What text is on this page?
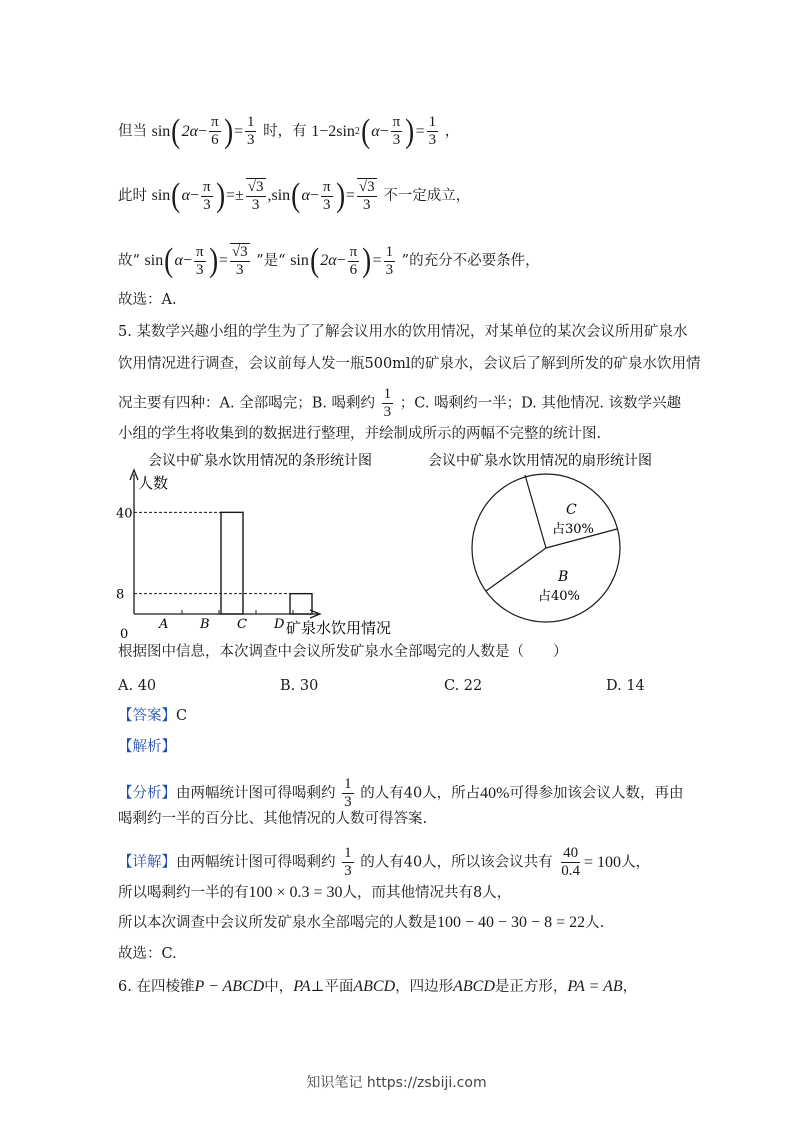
但当 sin ( $2\alpha - \frac{\pi}{6}$ ) = $\frac{1}{3}$ 时，有 1−2 sin 2 ( $\alpha - \frac{\pi}{3}$ ) = $\frac{1}{3}$ ，
此时 sin ( $\alpha - \frac{\pi}{3}$ ) = ± $\frac{√3}{3}$ , sin ( $\alpha - \frac{\pi}{3}$ ) = $\frac{√3}{3}$ 不一定成立，
故“ sin ( $\alpha - \frac{\pi}{3}$ ) = $\frac{√3}{3}$ ”是“ sin ( $2\alpha - \frac{\pi}{6}$ ) = $\frac{1}{3}$ ”的充分不必要条件，
故选：A.
5. 某数学兴趣小组的学生为了了解会议用水的饮用情况，对某单位的某次会议所用矿泉水
饮用情况进行调查，会议前每人发一瓶500ml的矿泉水，会议后了解到所发的矿泉水饮用情
况主要有四种：A. 全部喝完；B. 喝剩约 $\frac{1}{3}$ ；C. 喝剩约一半；D. 其他情况. 该数学兴趣
小组的学生将收集到的数据进行整理，并绘制成所示的两幅不完整的统计图.
会议中矿泉水饮用情况的条形统计图
人数
A B
40
C D
8
0	矿泉水饮用情况
会议中矿泉水饮用情况的扇形统计图
C
占30%
B
占40%
根据图中信息，本次调查中会议所发矿泉水全部喝完的人数是（　　）
A. 40	B. 30	C. 22	D. 14
【答案】C
【解析】
【分析】由两幅统计图可得喝剩约 $\frac{1}{3}$ 的人有40人，所占40%可得参加该会议人数，再由
喝剩约一半的百分比、其他情况的人数可得答案.
【详解】由两幅统计图可得喝剩约 $\frac{1}{3}$ 的人有40人，所以该会议共有 $\frac{40}{0.4} = 100$人，
所以喝剩约一半的有100 × 0.3 = 30人，而其他情况共有8人，
所以本次调查中会议所发矿泉水全部喝完的人数是100 − 40 − 30 − 8 = 22人.
故选：C.
6. 在四棱锥 P − ABCD 中， PA ⊥平面 ABCD ，四边形 ABCD 是正方形， PA = AB ，
知识笔记 https://zsbiji.com
